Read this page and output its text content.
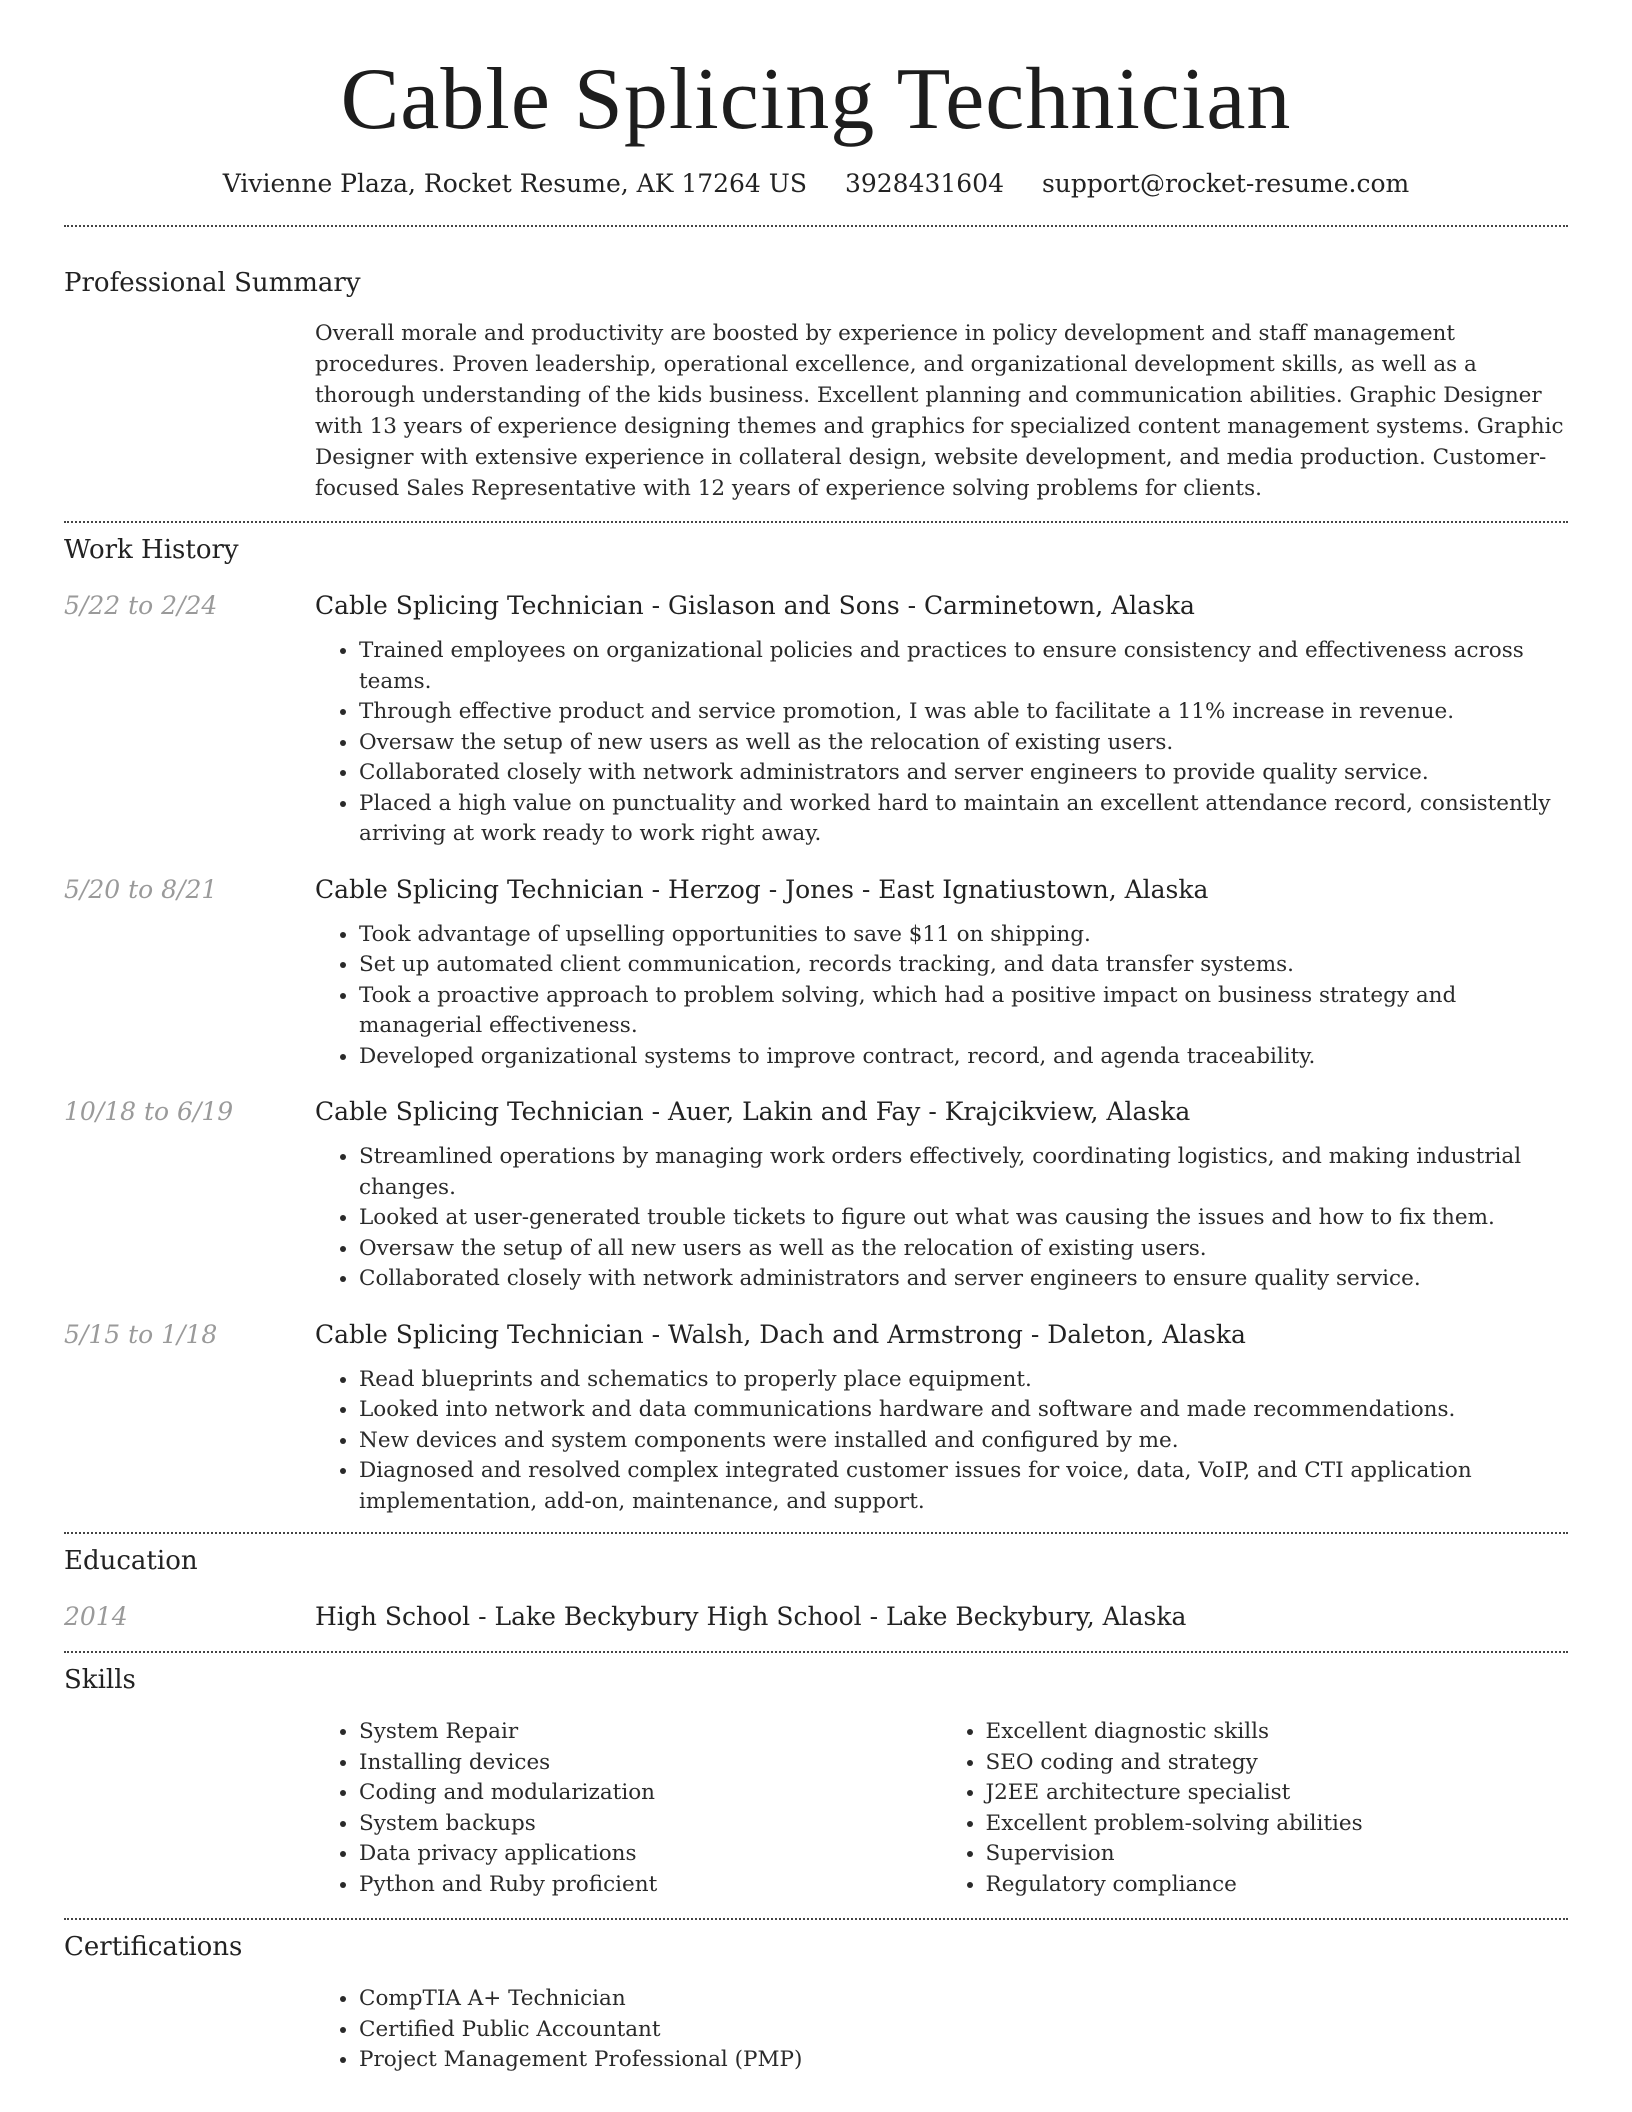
Cable Splicing Technician
Vivienne Plaza, Rocket Resume, AK 17264 US 3928431604 support@rocket-resume.com
Professional Summary
Overall morale and productivity are boosted by experience in policy development and staff management procedures. Proven leadership, operational excellence, and organizational development skills, as well as a thorough understanding of the kids business. Excellent planning and communication abilities. Graphic Designer with 13 years of experience designing themes and graphics for specialized content management systems. Graphic Designer with extensive experience in collateral design, website development, and media production. Customer-focused Sales Representative with 12 years of experience solving problems for clients.
Work History
5/22 to 2/24	Cable Splicing Technician - Gislason and Sons - Carminetown, Alaska
• Trained employees on organizational policies and practices to ensure consistency and effectiveness across teams.
• Through effective product and service promotion, I was able to facilitate a 11% increase in revenue.
• Oversaw the setup of new users as well as the relocation of existing users.
• Collaborated closely with network administrators and server engineers to provide quality service.
• Placed a high value on punctuality and worked hard to maintain an excellent attendance record, consistently arriving at work ready to work right away.
5/20 to 8/21	Cable Splicing Technician - Herzog - Jones - East Ignatiustown, Alaska
• Took advantage of upselling opportunities to save $11 on shipping.
• Set up automated client communication, records tracking, and data transfer systems.
• Took a proactive approach to problem solving, which had a positive impact on business strategy and managerial effectiveness.
• Developed organizational systems to improve contract, record, and agenda traceability.
10/18 to 6/19	Cable Splicing Technician - Auer, Lakin and Fay - Krajcikview, Alaska
• Streamlined operations by managing work orders effectively, coordinating logistics, and making industrial changes.
• Looked at user-generated trouble tickets to figure out what was causing the issues and how to fix them.
• Oversaw the setup of all new users as well as the relocation of existing users.
• Collaborated closely with network administrators and server engineers to ensure quality service.
5/15 to 1/18	Cable Splicing Technician - Walsh, Dach and Armstrong - Daleton, Alaska
• Read blueprints and schematics to properly place equipment.
• Looked into network and data communications hardware and software and made recommendations.
• New devices and system components were installed and configured by me.
• Diagnosed and resolved complex integrated customer issues for voice, data, VoIP, and CTI application implementation, add-on, maintenance, and support.
Education
2014	High School - Lake Beckybury High School - Lake Beckybury, Alaska
Skills
• System Repair
• Installing devices
• Coding and modularization
• System backups
• Data privacy applications
• Python and Ruby proficient
• Excellent diagnostic skills
• SEO coding and strategy
• J2EE architecture specialist
• Excellent problem-solving abilities
• Supervision
• Regulatory compliance
Certifications
• CompTIA A+ Technician
• Certified Public Accountant
• Project Management Professional (PMP)
